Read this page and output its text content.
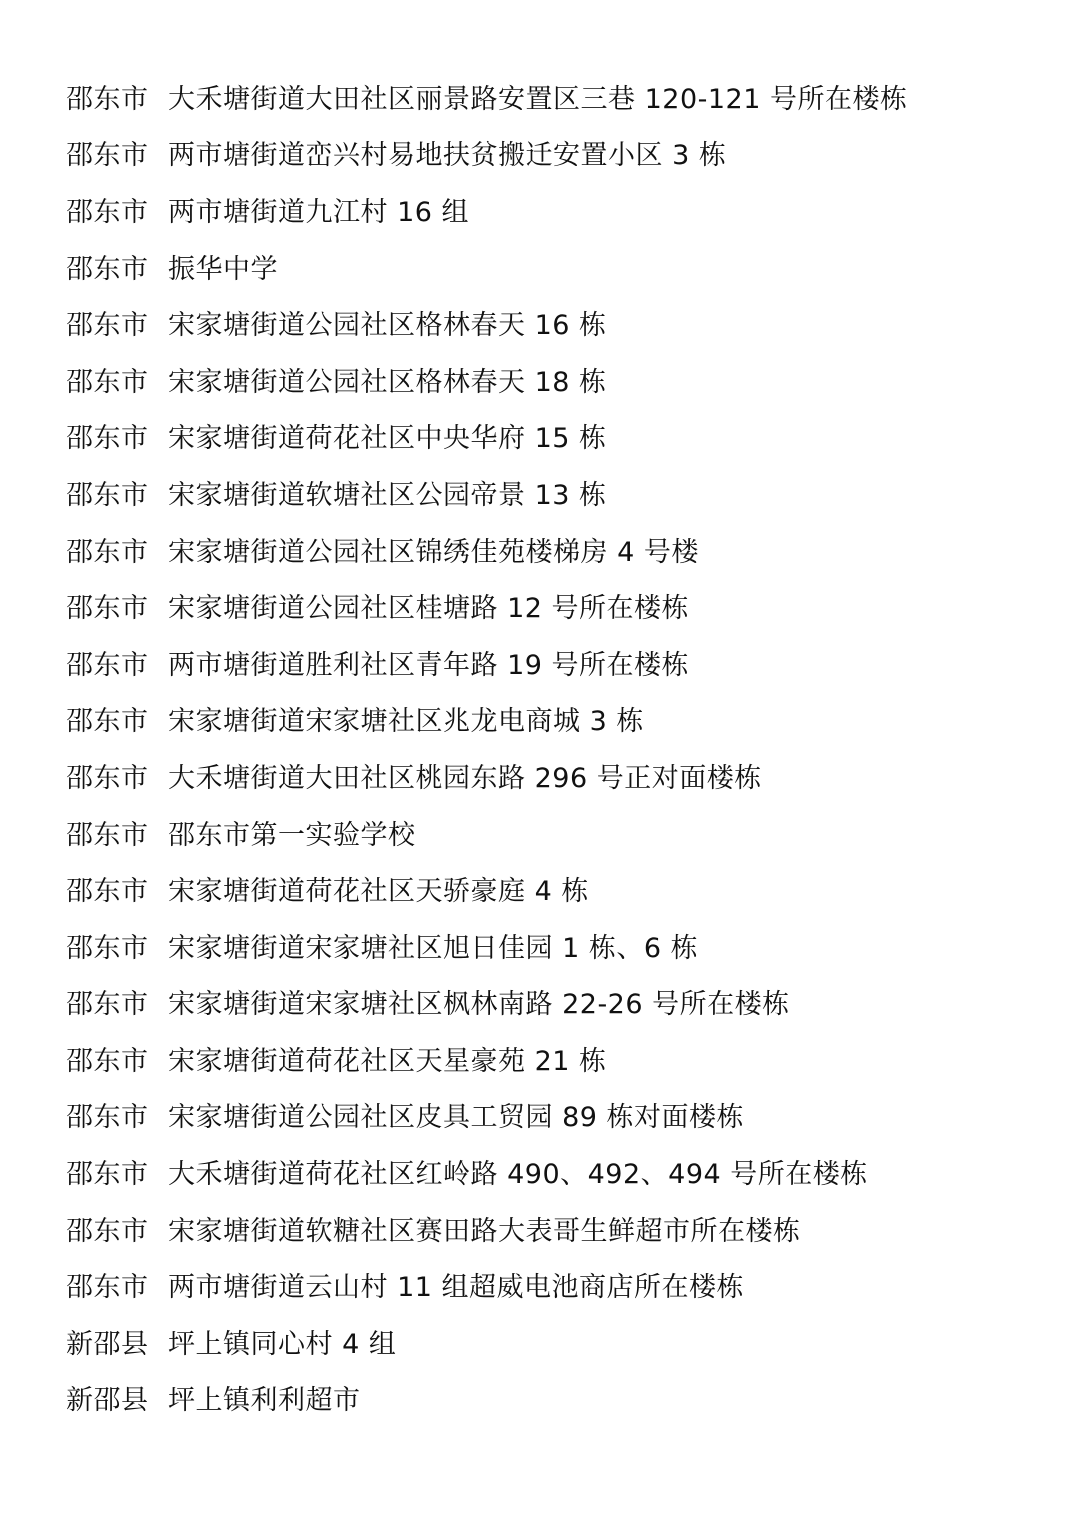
邵东市 大禾塘街道大田社区丽景路安置区三巷 120-121 号所在楼栋
邵东市 两市塘街道峦兴村易地扶贫搬迁安置小区 3 栋
邵东市 两市塘街道九江村 16 组
邵东市 振华中学
邵东市 宋家塘街道公园社区格林春天 16 栋
邵东市 宋家塘街道公园社区格林春天 18 栋
邵东市 宋家塘街道荷花社区中央华府 15 栋
邵东市 宋家塘街道软塘社区公园帝景 13 栋
邵东市 宋家塘街道公园社区锦绣佳苑楼梯房 4 号楼
邵东市 宋家塘街道公园社区桂塘路 12 号所在楼栋
邵东市 两市塘街道胜利社区青年路 19 号所在楼栋
邵东市 宋家塘街道宋家塘社区兆龙电商城 3 栋
邵东市 大禾塘街道大田社区桃园东路 296 号正对面楼栋
邵东市 邵东市第一实验学校
邵东市 宋家塘街道荷花社区天骄豪庭 4 栋
邵东市 宋家塘街道宋家塘社区旭日佳园 1 栋、6 栋
邵东市 宋家塘街道宋家塘社区枫林南路 22-26 号所在楼栋
邵东市 宋家塘街道荷花社区天星豪苑 21 栋
邵东市 宋家塘街道公园社区皮具工贸园 89 栋对面楼栋
邵东市 大禾塘街道荷花社区红岭路 490、492、494 号所在楼栋
邵东市 宋家塘街道软糖社区赛田路大表哥生鲜超市所在楼栋
邵东市 两市塘街道云山村 11 组超威电池商店所在楼栋
新邵县 坪上镇同心村 4 组
新邵县 坪上镇利利超市
